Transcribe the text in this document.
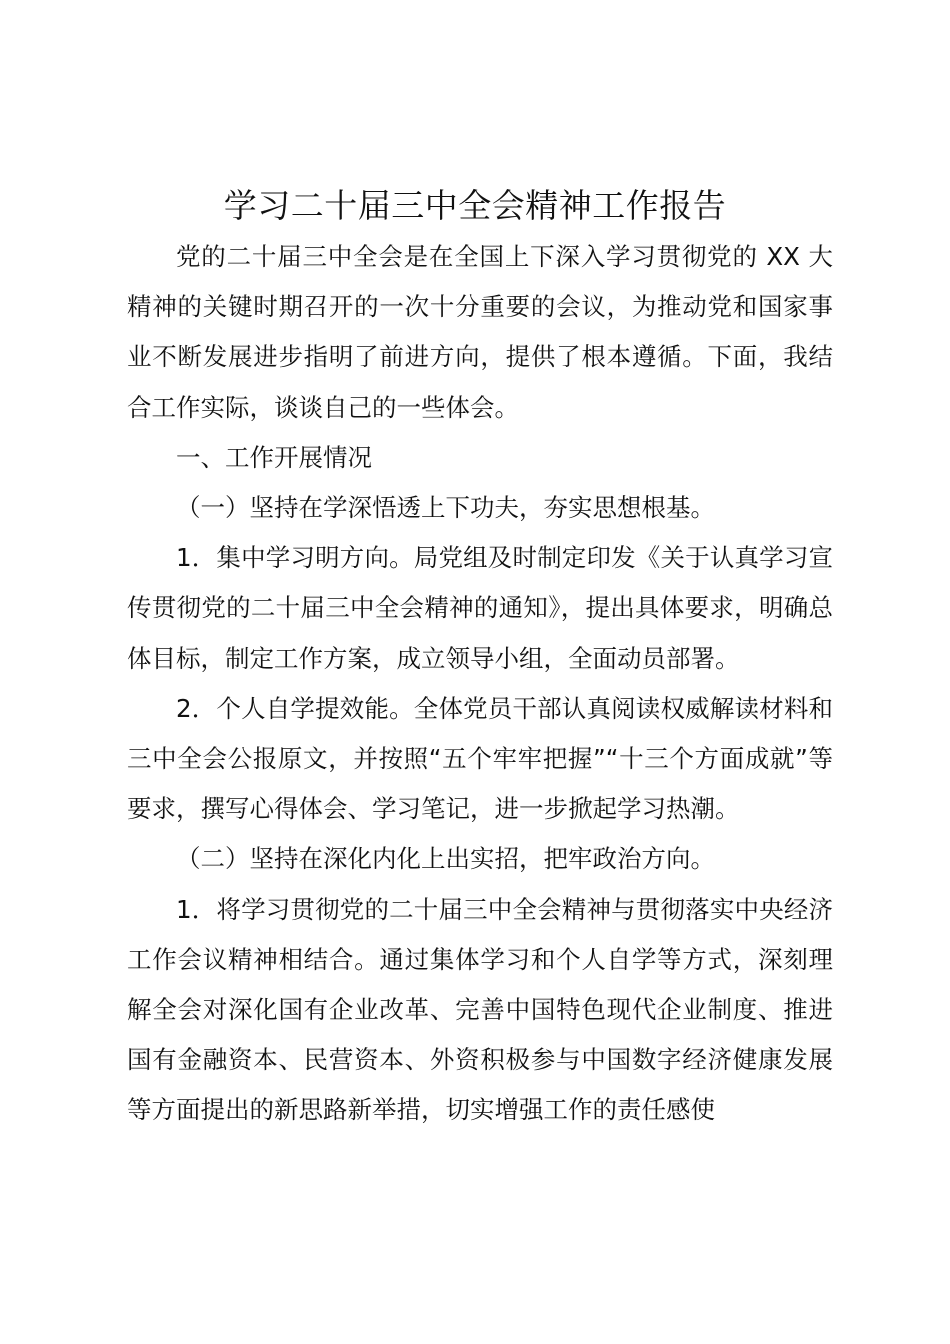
学习二十届三中全会精神工作报告

党的二十届三中全会是在全国上下深入学习贯彻党的 XX 大精神的关键时期召开的一次十分重要的会议，为推动党和国家事业不断发展进步指明了前进方向，提供了根本遵循。下面，我结合工作实际，谈谈自己的一些体会。

一、工作开展情况

（一）坚持在学深悟透上下功夫，夯实思想根基。

1．集中学习明方向。局党组及时制定印发《关于认真学习宣传贯彻党的二十届三中全会精神的通知》，提出具体要求，明确总体目标，制定工作方案，成立领导小组，全面动员部署。

2．个人自学提效能。全体党员干部认真阅读权威解读材料和三中全会公报原文，并按照“五个牢牢把握”“十三个方面成就”等要求，撰写心得体会、学习笔记，进一步掀起学习热潮。

（二）坚持在深化内化上出实招，把牢政治方向。

1．将学习贯彻党的二十届三中全会精神与贯彻落实中央经济工作会议精神相结合。通过集体学习和个人自学等方式，深刻理解全会对深化国有企业改革、完善中国特色现代企业制度、推进国有金融资本、民营资本、外资积极参与中国数字经济健康发展等方面提出的新思路新举措，切实增强工作的责任感使
